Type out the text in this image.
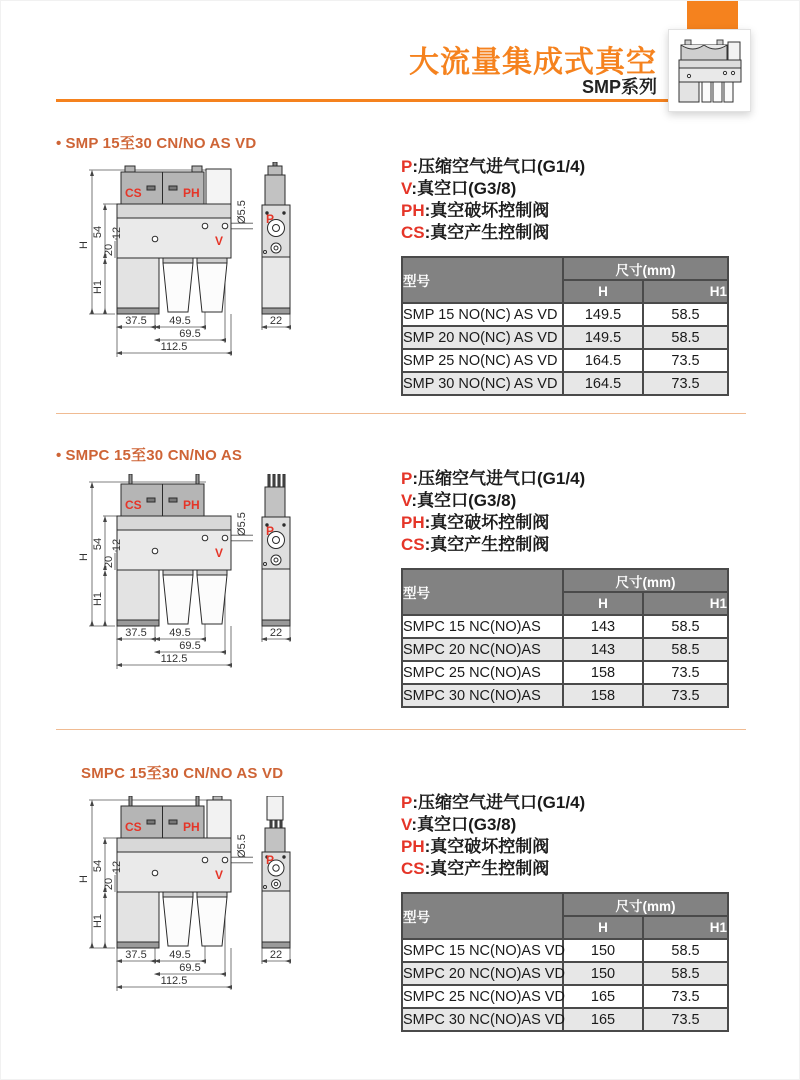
大流量集成式真空
SMP系列
• SMP 15至30 CN/NO AS VD
CS	PH
V
P
H
54
20
12
H1
Ø5.5
37.5 49.5
69.5
112.5
22
P:压缩空气进气口(G1/4)
V:真空口(G3/8)
PH:真空破坏控制阀
CS:真空产生控制阀
型号	尺寸(mm)	
	H	H1
SMP 15 NO(NC) AS VD	149.5	58.5
SMP 20 NO(NC) AS VD	149.5	58.5
SMP 25 NO(NC) AS VD	164.5	73.5
SMP 30 NO(NC) AS VD	164.5	73.5
• SMPC 15至30 CN/NO AS
CS	PH
V
P
H
54
20
12
H1
Ø5.5
37.5 49.5
69.5
112.5
22
P:压缩空气进气口(G1/4)
V:真空口(G3/8)
PH:真空破坏控制阀
CS:真空产生控制阀
型号	尺寸(mm)	
	H	H1
SMPC 15 NC(NO)AS	143	58.5
SMPC 20 NC(NO)AS	143	58.5
SMPC 25 NC(NO)AS	158	73.5
SMPC 30 NC(NO)AS	158	73.5
SMPC 15至30 CN/NO AS VD
CS	PH
V
P
H
54
20
12
H1
Ø5.5
37.5 49.5
69.5
112.5
22
P:压缩空气进气口(G1/4)
V:真空口(G3/8)
PH:真空破坏控制阀
CS:真空产生控制阀
型号	尺寸(mm)	
	H	H1
SMPC 15 NC(NO)AS VD	150	58.5
SMPC 20 NC(NO)AS VD	150	58.5
SMPC 25 NC(NO)AS VD	165	73.5
SMPC 30 NC(NO)AS VD	165	73.5
